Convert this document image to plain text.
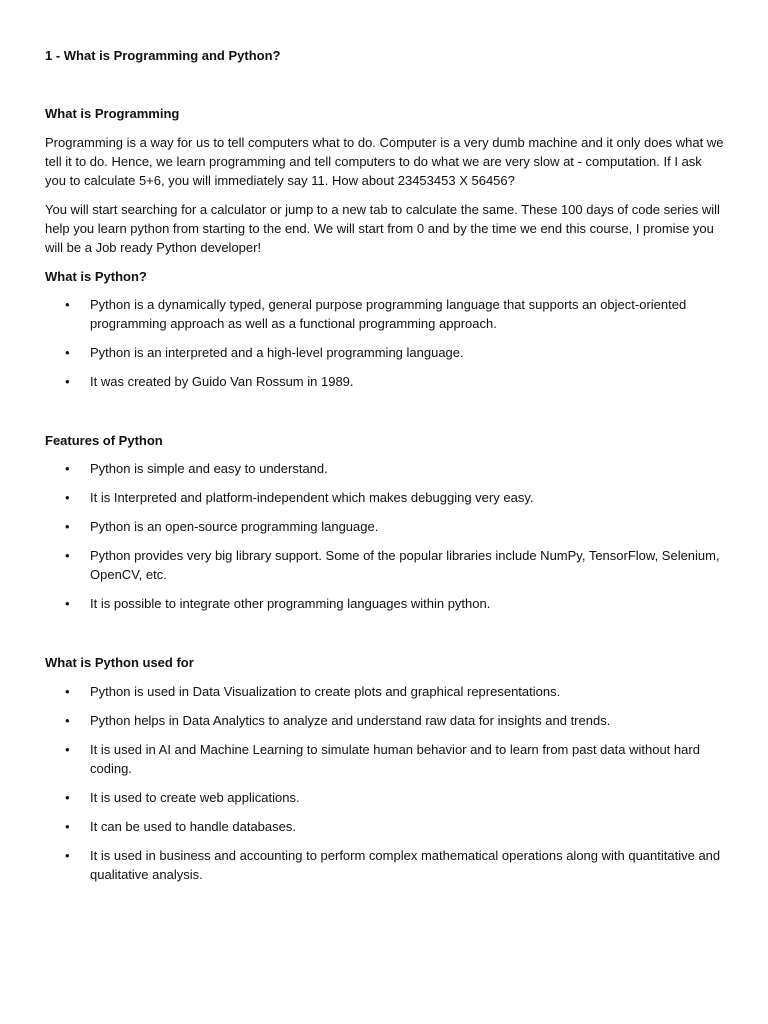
1 - What is Programming and Python?
What is Programming

Programming is a way for us to tell computers what to do. Computer is a very dumb machine and it only does what we tell it to do. Hence, we learn programming and tell computers to do what we are very slow at - computation. If I ask you to calculate 5+6, you will immediately say 11. How about 23453453 X 56456?

You will start searching for a calculator or jump to a new tab to calculate the same. These 100 days of code series will help you learn python from starting to the end. We will start from 0 and by the time we end this course, I promise you will be a Job ready Python developer!

What is Python?
• Python is a dynamically typed, general purpose programming language that supports an object-oriented programming approach as well as a functional programming approach.
• Python is an interpreted and a high-level programming language.
• It was created by Guido Van Rossum in 1989.
Features of Python
• Python is simple and easy to understand.
• It is Interpreted and platform-independent which makes debugging very easy.
• Python is an open-source programming language.
• Python provides very big library support. Some of the popular libraries include NumPy, TensorFlow, Selenium, OpenCV, etc.
• It is possible to integrate other programming languages within python.
What is Python used for
• Python is used in Data Visualization to create plots and graphical representations.
• Python helps in Data Analytics to analyze and understand raw data for insights and trends.
• It is used in AI and Machine Learning to simulate human behavior and to learn from past data without hard coding.
• It is used to create web applications.
• It can be used to handle databases.
• It is used in business and accounting to perform complex mathematical operations along with quantitative and qualitative analysis.
